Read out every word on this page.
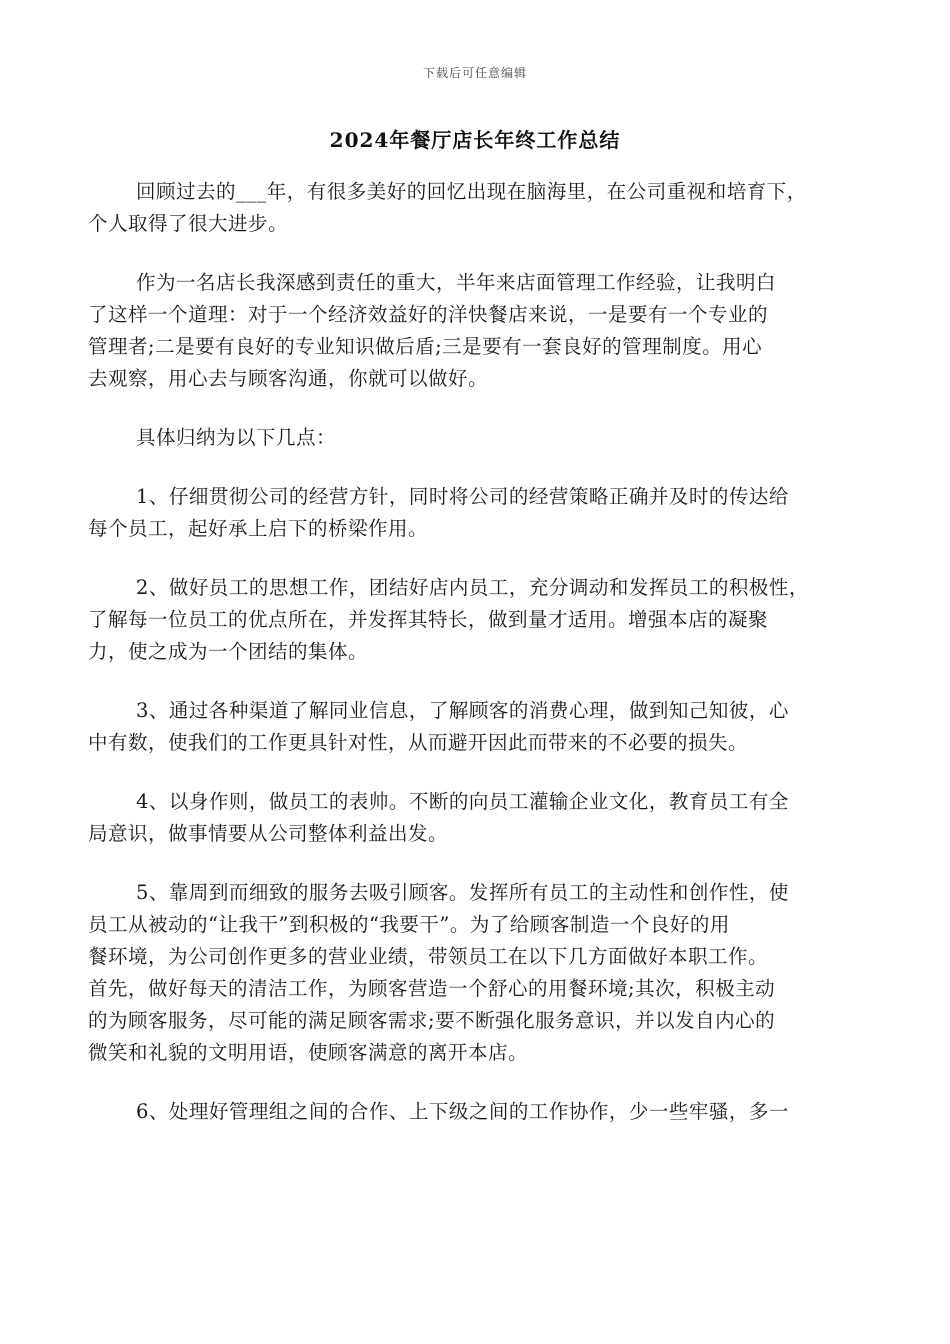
下载后可任意编辑
2024年餐厅店长年终工作总结
回顾过去的___年，有很多美好的回忆出现在脑海里，在公司重视和培育下，
个人取得了很大进步。
作为一名店长我深感到责任的重大，半年来店面管理工作经验，让我明白
了这样一个道理：对于一个经济效益好的洋快餐店来说，一是要有一个专业的
管理者;二是要有良好的专业知识做后盾;三是要有一套良好的管理制度。用心
去观察，用心去与顾客沟通，你就可以做好。
具体归纳为以下几点：
1、仔细贯彻公司的经营方针，同时将公司的经营策略正确并及时的传达给
每个员工，起好承上启下的桥梁作用。
2、做好员工的思想工作，团结好店内员工，充分调动和发挥员工的积极性，
了解每一位员工的优点所在，并发挥其特长，做到量才适用。增强本店的凝聚
力，使之成为一个团结的集体。
3、通过各种渠道了解同业信息，了解顾客的消费心理，做到知己知彼，心
中有数，使我们的工作更具针对性，从而避开因此而带来的不必要的损失。
4、以身作则，做员工的表帅。不断的向员工灌输企业文化，教育员工有全
局意识，做事情要从公司整体利益出发。
5、靠周到而细致的服务去吸引顾客。发挥所有员工的主动性和创作性，使
员工从被动的“让我干”到积极的“我要干”。为了给顾客制造一个良好的用
餐环境，为公司创作更多的营业业绩，带领员工在以下几方面做好本职工作。
首先，做好每天的清洁工作，为顾客营造一个舒心的用餐环境;其次，积极主动
的为顾客服务，尽可能的满足顾客需求;要不断强化服务意识，并以发自内心的
微笑和礼貌的文明用语，使顾客满意的离开本店。
6、处理好管理组之间的合作、上下级之间的工作协作，少一些牢骚，多一
